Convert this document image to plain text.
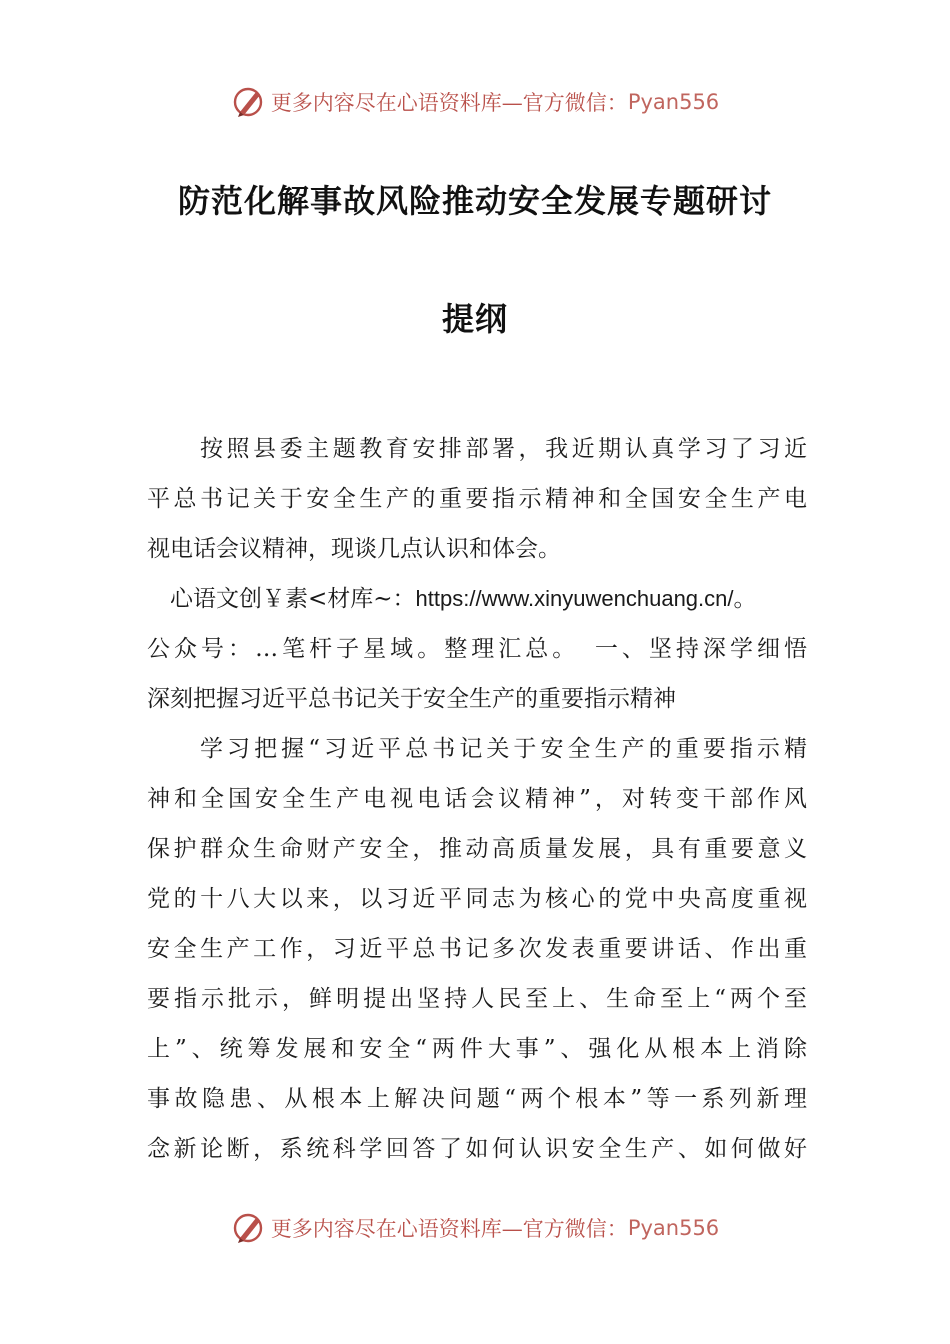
更多内容尽在心语资料库—官方微信： Pyan556
防范化解事故风险推动安全发展专题研讨
提纲
按照县委主题教育安排部署，我近期认真学习了习近
平总书记关于安全生产的重要指示精神和全国安全生产电
视电话会议精神，现谈几点认识和体会。
心语文创￥素<材库~：https://www.xinyuwenchuang.cn/。
公众号：…笔杆子星域。整理汇总。　一、坚持深学细悟
深刻把握习近平总书记关于安全生产的重要指示精神
学习把握“习近平总书记关于安全生产的重要指示精
神和全国安全生产电视电话会议精神”，对转变干部作风
保护群众生命财产安全，推动高质量发展，具有重要意义
党的十八大以来，以习近平同志为核心的党中央高度重视
安全生产工作，习近平总书记多次发表重要讲话、作出重
要指示批示，鲜明提出坚持人民至上、生命至上“两个至
上”、统筹发展和安全“两件大事”、强化从根本上消除
事故隐患、从根本上解决问题“两个根本”等一系列新理
念新论断，系统科学回答了如何认识安全生产、如何做好
更多内容尽在心语资料库—官方微信： Pyan556
